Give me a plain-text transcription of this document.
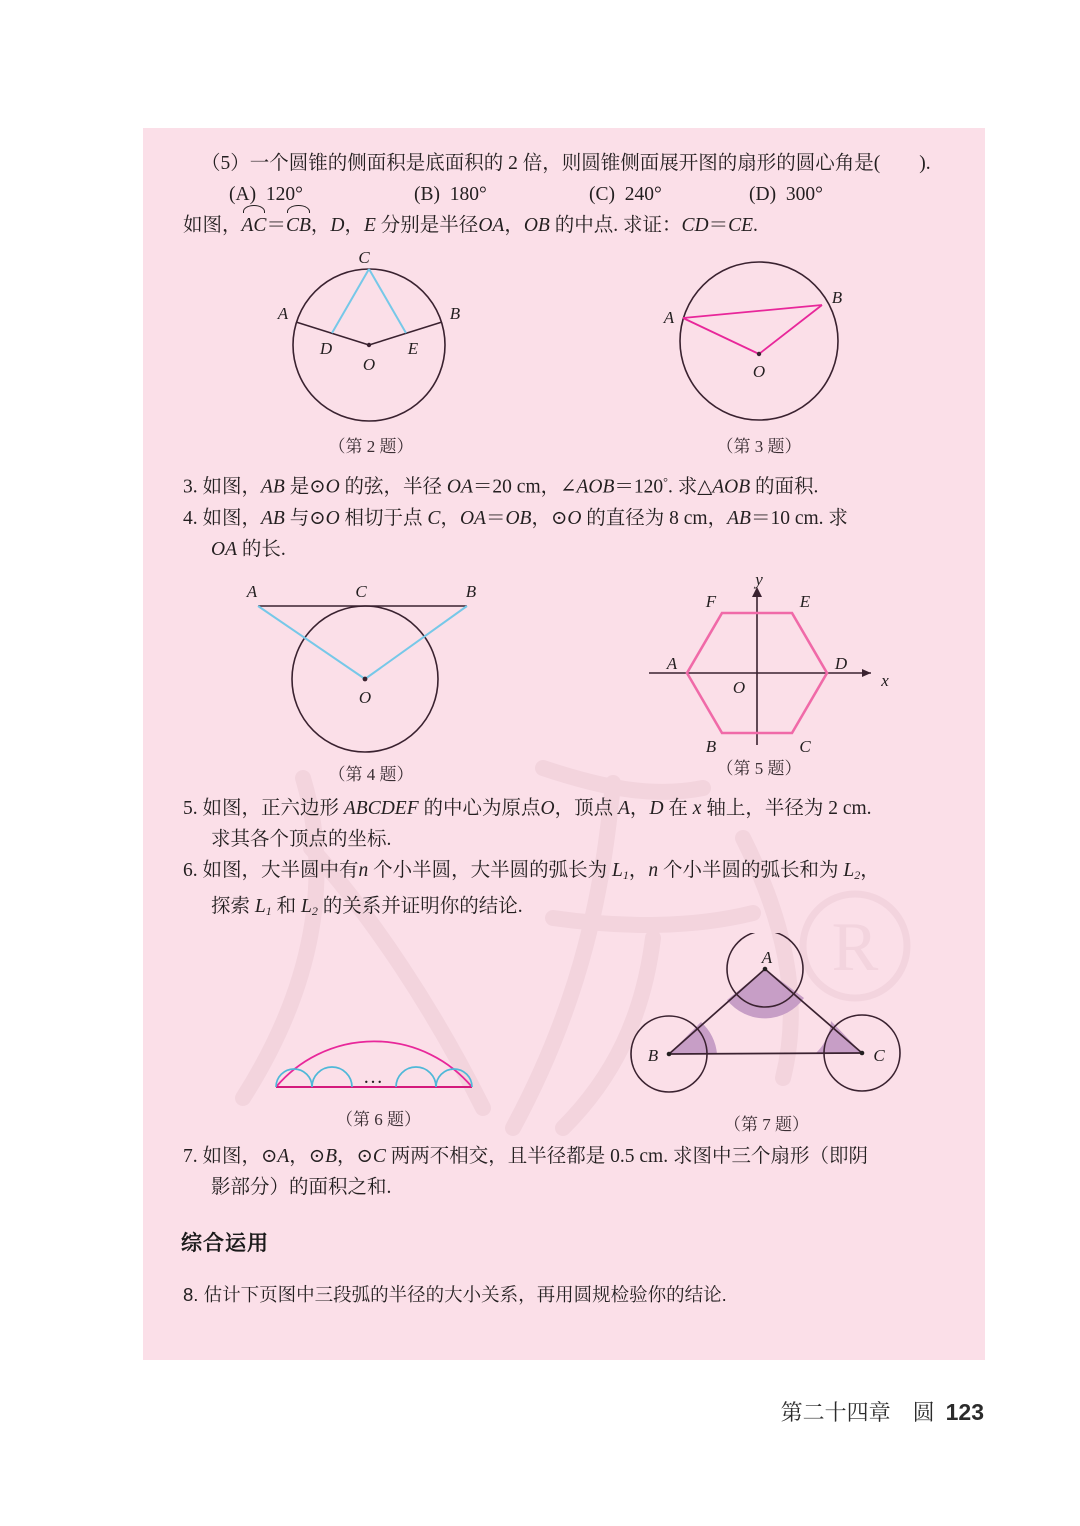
R
（5）一个圆锥的侧面积是底面积的 2 倍，则圆锥侧面展开图的扇形的圆心角是(　　).
(A) 120°	(B) 180°	(C) 240°	(D) 300°
如图，AC＝CB，D，E 分别是半径OA，OB 的中点. 求证：CD＝CE.
C
A	B
D	E
O
（第 2 题）
A
B
O
（第 3 题）
3. 如图，AB 是⊙O 的弦，半径 OA＝20 cm，∠AOB＝120°. 求△AOB 的面积.
4. 如图，AB 与⊙O 相切于点 C，OA＝OB，⊙O 的直径为 8 cm，AB＝10 cm. 求
OA 的长.
A	C	B
O
（第 4 题）
y
x
F	E
A	D
O
B	C
（第 5 题）
5. 如图，正六边形 ABCDEF 的中心为原点O，顶点 A，D 在 x 轴上，半径为 2 cm.
求其各个顶点的坐标.
6. 如图，大半圆中有n 个小半圆，大半圆的弧长为 $L_1$，n 个小半圆的弧长和为 $L_2$，
探索 $L_1$ 和 $L_2$ 的关系并证明你的结论.
…
（第 6 题）
A
B	C
（第 7 题）
7. 如图，⊙A，⊙B，⊙C 两两不相交，且半径都是 0.5 cm. 求图中三个扇形（即阴
影部分）的面积之和.
综合运用
8. 估计下页图中三段弧的半径的大小关系，再用圆规检验你的结论.
第二十四章　圆 123
